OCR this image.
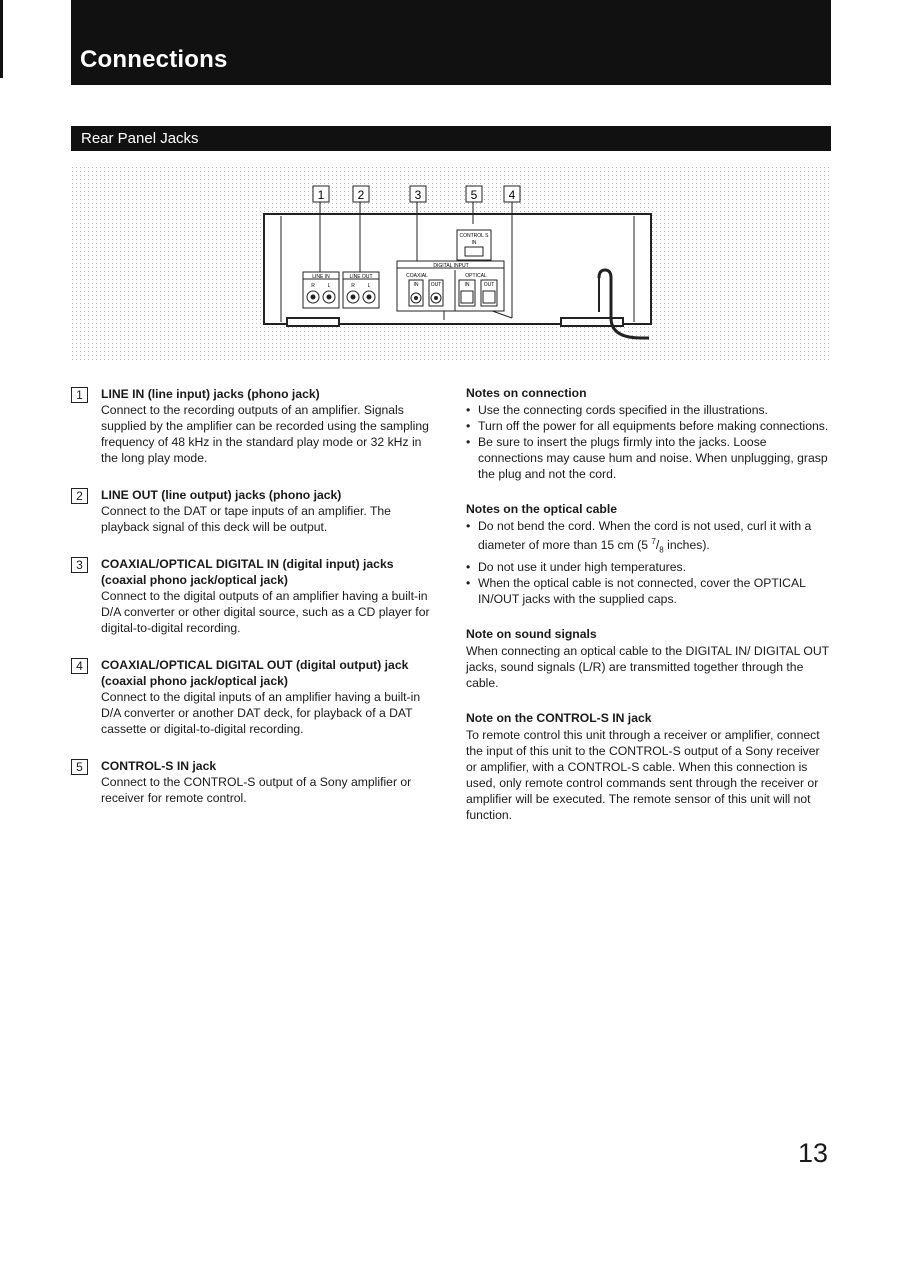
Connections
Rear Panel Jacks
1	2	3	5	4
CONTROL S
IN
DIGITAL INPUT
COAXIAL	OPTICAL
IN OUT	IN	OUT
LINE IN
R	L
LINE OUT
R	L
1	LINE IN (line input) jacks (phono jack)

Connect to the recording outputs of an amplifier. Signals supplied by the amplifier can be recorded using the sampling frequency of 48 kHz in the standard play mode or 32 kHz in the long play mode.

2	LINE OUT (line output) jacks (phono jack)

Connect to the DAT or tape inputs of an amplifier. The playback signal of this deck will be output.

3	COAXIAL/OPTICAL DIGITAL IN (digital input) jacks (coaxial phono jack/optical jack)

Connect to the digital outputs of an amplifier having a built-in D/A converter or other digital source, such as a CD player for digital-to-digital recording.

4	COAXIAL/OPTICAL DIGITAL OUT (digital output) jack (coaxial phono jack/optical jack)

Connect to the digital inputs of an amplifier having a built-in D/A converter or another DAT deck, for playback of a DAT cassette or digital-to-digital recording.

5	CONTROL-S IN jack

Connect to the CONTROL-S output of a Sony amplifier or receiver for remote control.

Notes on connection

• Use the connecting cords specified in the illustrations.
• Turn off the power for all equipments before making connections.
• Be sure to insert the plugs firmly into the jacks. Loose connections may cause hum and noise. When unplugging, grasp the plug and not the cord.

Notes on the optical cable

• Do not bend the cord. When the cord is not used, curl it with a diameter of more than 15 cm (5 $^7/_8$ inches).
• Do not use it under high temperatures.
• When the optical cable is not connected, cover the OPTICAL IN/OUT jacks with the supplied caps.

Note on sound signals

When connecting an optical cable to the DIGITAL IN/ DIGITAL OUT jacks, sound signals (L/R) are transmitted together through the cable.

Note on the CONTROL-S IN jack

To remote control this unit through a receiver or amplifier, connect the input of this unit to the CONTROL-S output of a Sony receiver or amplifier, with a CONTROL-S cable. When this connection is used, only remote control commands sent through the receiver or amplifier will be executed. The remote sensor of this unit will not function.

13
